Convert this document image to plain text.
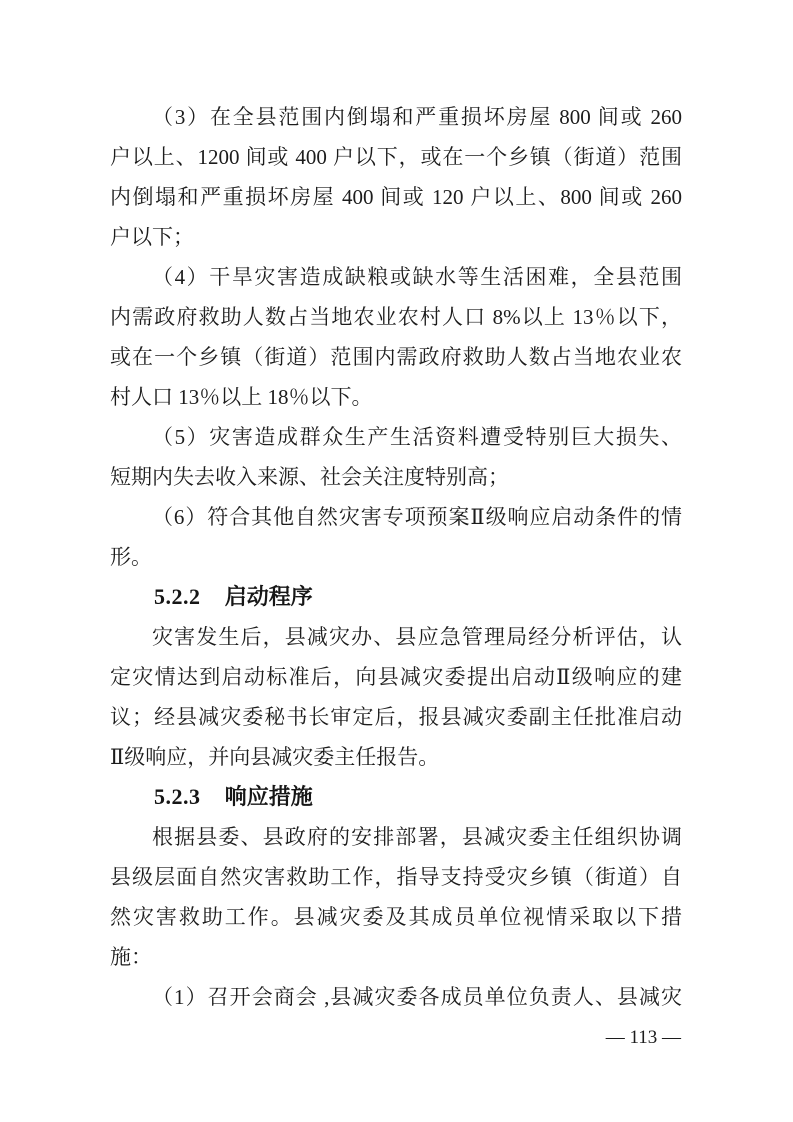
（3）在全县范围内倒塌和严重损坏房屋 800 间或 260
户以上、1200 间或 400 户以下，或在一个乡镇（街道）范围
内倒塌和严重损坏房屋 400 间或 120 户以上、800 间或 260
户以下；
（4）干旱灾害造成缺粮或缺水等生活困难，全县范围
内需政府救助人数占当地农业农村人口 8%以上 13％以下，
或在一个乡镇（街道）范围内需政府救助人数占当地农业农
村人口 13％以上 18％以下。
（5）灾害造成群众生产生活资料遭受特别巨大损失、
短期内失去收入来源、社会关注度特别高；
（6）符合其他自然灾害专项预案Ⅱ级响应启动条件的情
形。
5.2.2 启动程序
灾害发生后，县减灾办、县应急管理局经分析评估，认
定灾情达到启动标准后，向县减灾委提出启动Ⅱ级响应的建
议；经县减灾委秘书长审定后，报县减灾委副主任批准启动
Ⅱ级响应，并向县减灾委主任报告。
5.2.3 响应措施
根据县委、县政府的安排部署，县减灾委主任组织协调
县级层面自然灾害救助工作，指导支持受灾乡镇（街道）自
然灾害救助工作。县减灾委及其成员单位视情采取以下措
施：
（1）召开会商会 ,县减灾委各成员单位负责人、县减灾
— 113 —
